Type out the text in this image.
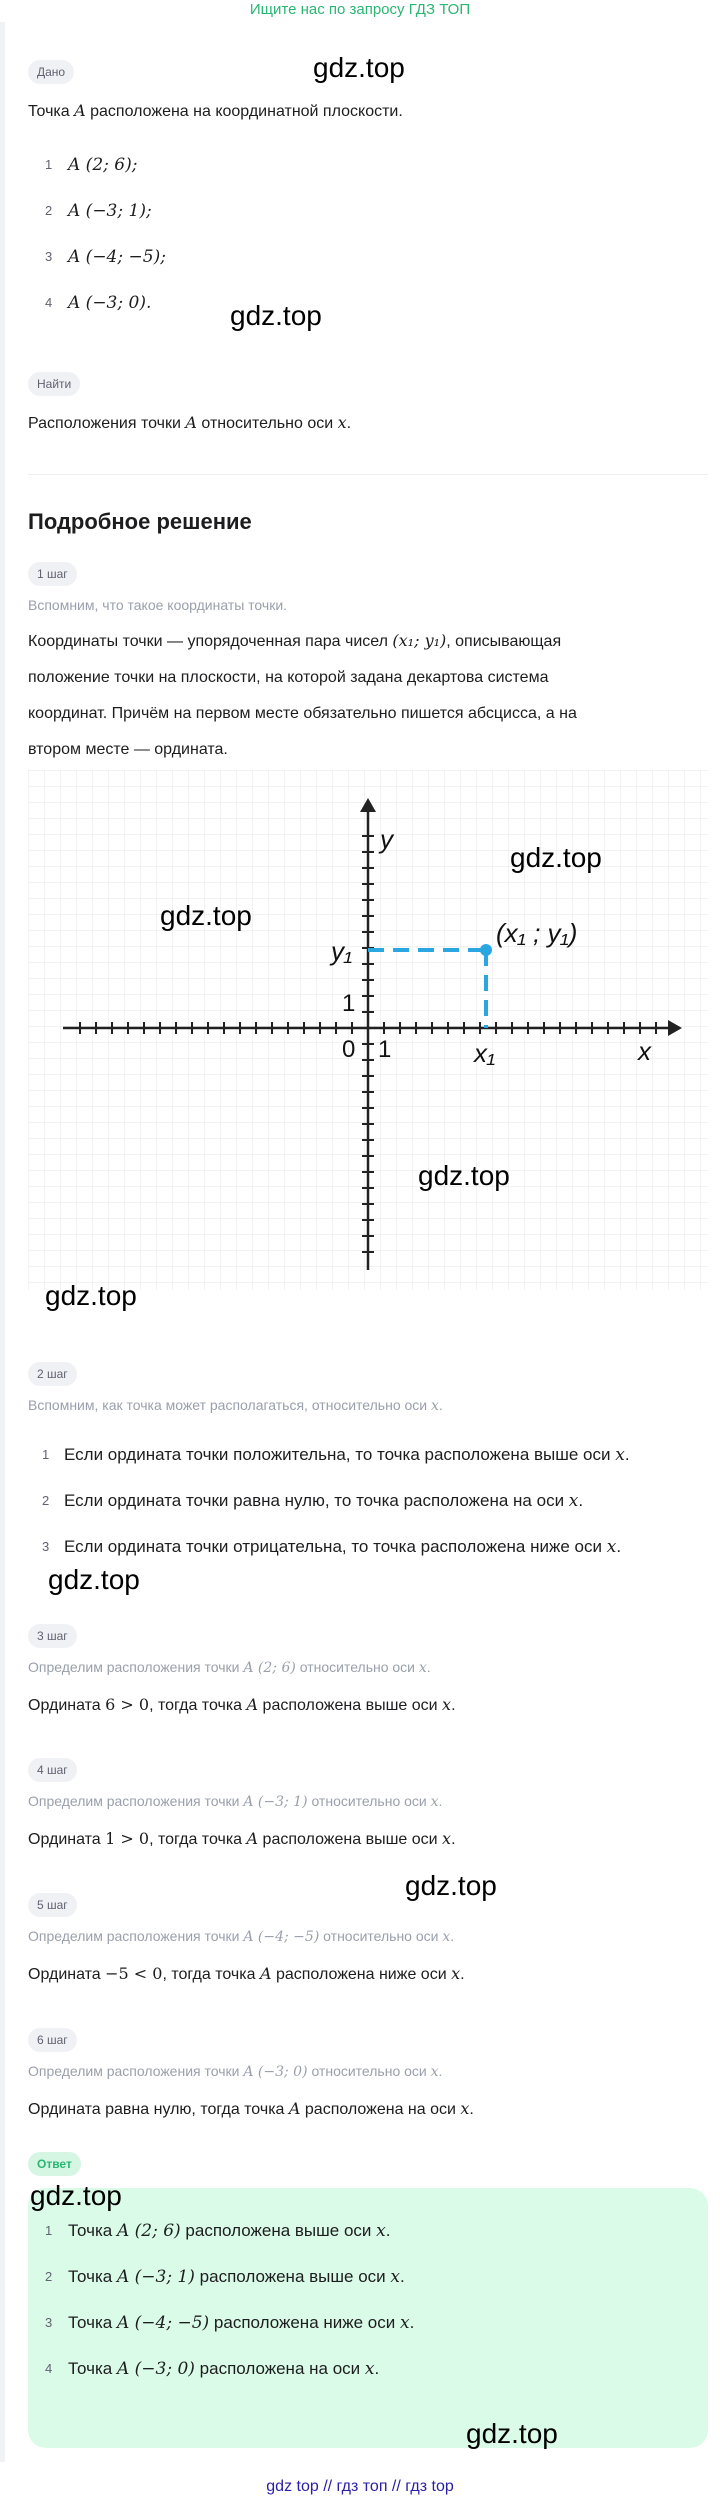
Ищите нас по запросу ГДЗ ТОП
Дано
Точка A расположена на координатной плоскости.
1 A (2; 6);
2 A (−3; 1);
3 A (−4; −5);
4 A (−3; 0).
Найти
Расположения точки A относительно оси x.
Подробное решение
1 шаг
Вспомним, что такое координаты точки.
Координаты точки — упорядоченная пара чисел (x₁; y₁), описывающая
положение точки на плоскости, на которой задана декартова система
координат. Причём на первом месте обязательно пишется абсцисса, а на
втором месте — ордината.
y
x
y₁
x₁
1
1
0
(x₁ ; y₁)
2 шаг
Вспомним, как точка может располагаться, относительно оси x.
1 Если ордината точки положительна, то точка расположена выше оси x.
2 Если ордината точки равна нулю, то точка расположена на оси x.
3 Если ордината точки отрицательна, то точка расположена ниже оси x.
3 шаг
Определим расположения точки A (2; 6) относительно оси x.
Ордината 6 > 0, тогда точка A расположена выше оси x.
4 шаг
Определим расположения точки A (−3; 1) относительно оси x.
Ордината 1 > 0, тогда точка A расположена выше оси x.
5 шаг
Определим расположения точки A (−4; −5) относительно оси x.
Ордината −5 < 0, тогда точка A расположена ниже оси x.
6 шаг
Определим расположения точки A (−3; 0) относительно оси x.
Ордината равна нулю, тогда точка A расположена на оси x.
Ответ
1 Точка A (2; 6) расположена выше оси x.
2 Точка A (−3; 1) расположена выше оси x.
3 Точка A (−4; −5) расположена ниже оси x.
4 Точка A (−3; 0) расположена на оси x.
gdz.top
gdz.top
gdz.top
gdz.top
gdz.top
gdz.top
gdz.top
gdz.top
gdz.top
gdz.top
gdz top // гдз топ // гдз top
